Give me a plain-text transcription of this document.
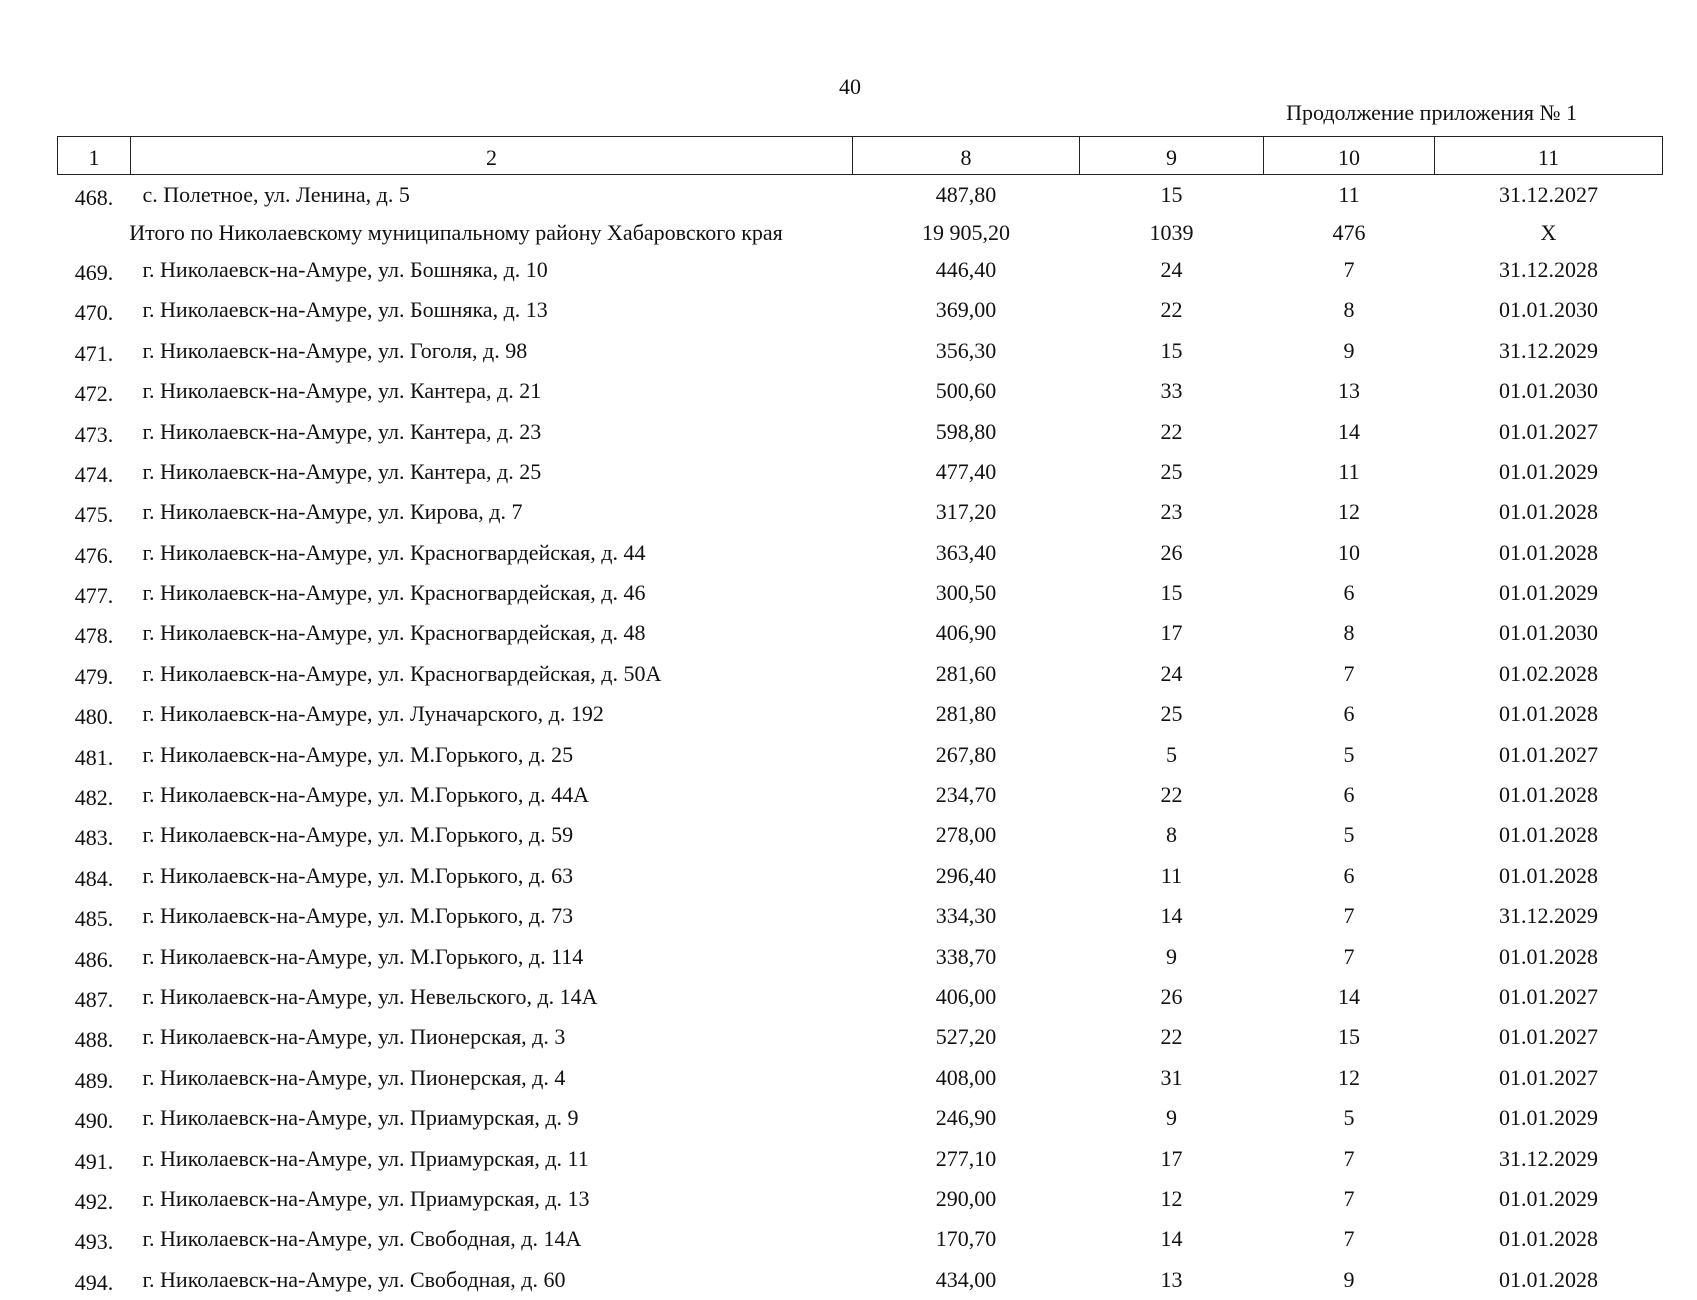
40
Продолжение приложения № 1
1	2	8	9	10	11
468.	с. Полетное, ул. Ленина, д. 5	487,80	15	11	31.12.2027
Итого по Николаевскому муниципальному району Хабаровского края		19 905,20	1039	476	Х
469.	г. Николаевск-на-Амуре, ул. Бошняка, д. 10	446,40	24	7	31.12.2028
470.	г. Николаевск-на-Амуре, ул. Бошняка, д. 13	369,00	22	8	01.01.2030
471.	г. Николаевск-на-Амуре, ул. Гоголя, д. 98	356,30	15	9	31.12.2029
472.	г. Николаевск-на-Амуре, ул. Кантера, д. 21	500,60	33	13	01.01.2030
473.	г. Николаевск-на-Амуре, ул. Кантера, д. 23	598,80	22	14	01.01.2027
474.	г. Николаевск-на-Амуре, ул. Кантера, д. 25	477,40	25	11	01.01.2029
475.	г. Николаевск-на-Амуре, ул. Кирова, д. 7	317,20	23	12	01.01.2028
476.	г. Николаевск-на-Амуре, ул. Красногвардейская, д. 44	363,40	26	10	01.01.2028
477.	г. Николаевск-на-Амуре, ул. Красногвардейская, д. 46	300,50	15	6	01.01.2029
478.	г. Николаевск-на-Амуре, ул. Красногвардейская, д. 48	406,90	17	8	01.01.2030
479.	г. Николаевск-на-Амуре, ул. Красногвардейская, д. 50А	281,60	24	7	01.02.2028
480.	г. Николаевск-на-Амуре, ул. Луначарского, д. 192	281,80	25	6	01.01.2028
481.	г. Николаевск-на-Амуре, ул. М.Горького, д. 25	267,80	5	5	01.01.2027
482.	г. Николаевск-на-Амуре, ул. М.Горького, д. 44А	234,70	22	6	01.01.2028
483.	г. Николаевск-на-Амуре, ул. М.Горького, д. 59	278,00	8	5	01.01.2028
484.	г. Николаевск-на-Амуре, ул. М.Горького, д. 63	296,40	11	6	01.01.2028
485.	г. Николаевск-на-Амуре, ул. М.Горького, д. 73	334,30	14	7	31.12.2029
486.	г. Николаевск-на-Амуре, ул. М.Горького, д. 114	338,70	9	7	01.01.2028
487.	г. Николаевск-на-Амуре, ул. Невельского, д. 14А	406,00	26	14	01.01.2027
488.	г. Николаевск-на-Амуре, ул. Пионерская, д. 3	527,20	22	15	01.01.2027
489.	г. Николаевск-на-Амуре, ул. Пионерская, д. 4	408,00	31	12	01.01.2027
490.	г. Николаевск-на-Амуре, ул. Приамурская, д. 9	246,90	9	5	01.01.2029
491.	г. Николаевск-на-Амуре, ул. Приамурская, д. 11	277,10	17	7	31.12.2029
492.	г. Николаевск-на-Амуре, ул. Приамурская, д. 13	290,00	12	7	01.01.2029
493.	г. Николаевск-на-Амуре, ул. Свободная, д. 14А	170,70	14	7	01.01.2028
494.	г. Николаевск-на-Амуре, ул. Свободная, д. 60	434,00	13	9	01.01.2028
